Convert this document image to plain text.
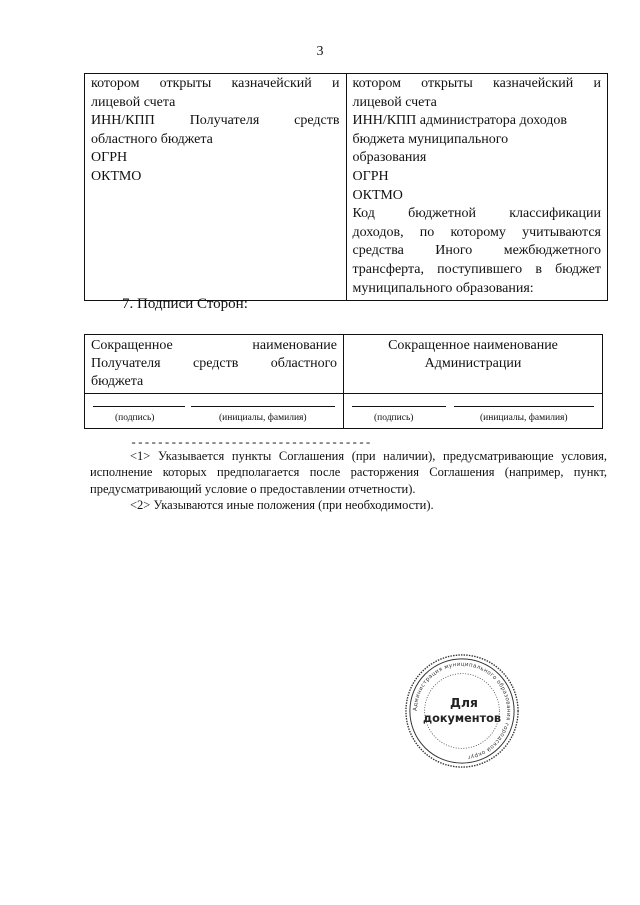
3
котором открыты казначейский и
лицевой счета
ИНН/КПП Получателя средств
областного бюджета
ОГРН
ОКТМО

котором открыты казначейский и
лицевой счета
ИНН/КПП администратора доходов
бюджета муниципального
образования
ОГРН
ОКТМО
Код бюджетной классификации
доходов, по которому учитываются
средства Иного межбюджетного
трансферта, поступившего в бюджет
муниципального образования:
7. Подписи Сторон:
Сокращенное наименование
Получателя средств областного
бюджета	Сокращенное наименование
Администрации

(подпись) (инициалы, фамилия)	(подпись) (инициалы, фамилия)
------------------------------------

<1> Указывается пункты Соглашения (при наличии), предусматривающие условия, исполнение которых предполагается после расторжения Соглашения (например, пункт, предусматривающий условие о предоставлении отчетности).

<2> Указываются иные положения (при необходимости).

Администрация муниципального образования городской округ
Для
документов
